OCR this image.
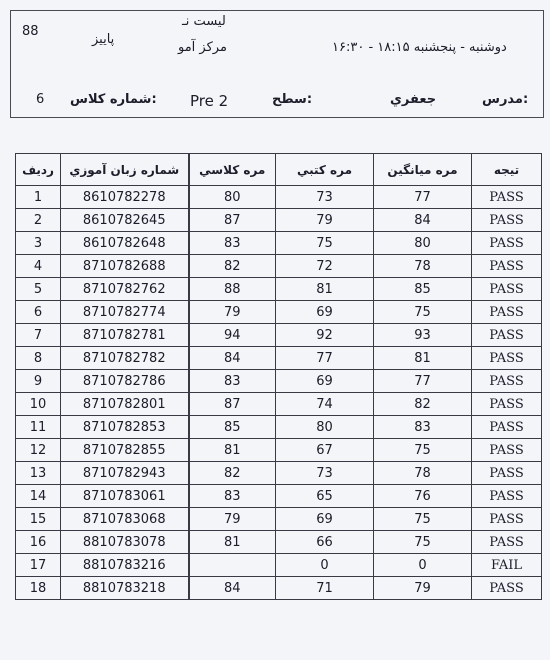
88
پاییز
لیست نـ
مرکز آمو	دوشنبه - پنجشنبه ۱۸:۱۵ - ۱۶:۳۰
6 شماره کلاس: Pre 2	سطح:	جعفري	مدرس:
ردیف	شماره زبان آموزي	مره کلاسي	مره کتبي	مره میانگین	تیجه
1	8610782278	80	73	77	PASS
2	8610782645	87	79	84	PASS
3	8610782648	83	75	80	PASS
4	8710782688	82	72	78	PASS
5	8710782762	88	81	85	PASS
6	8710782774	79	69	75	PASS
7	8710782781	94	92	93	PASS
8	8710782782	84	77	81	PASS
9	8710782786	83	69	77	PASS
10	8710782801	87	74	82	PASS
11	8710782853	85	80	83	PASS
12	8710782855	81	67	75	PASS
13	8710782943	82	73	78	PASS
14	8710783061	83	65	76	PASS
15	8710783068	79	69	75	PASS
16	8810783078	81	66	75	PASS
17	8810783216		0	0	FAIL
18	8810783218	84	71	79	PASS
